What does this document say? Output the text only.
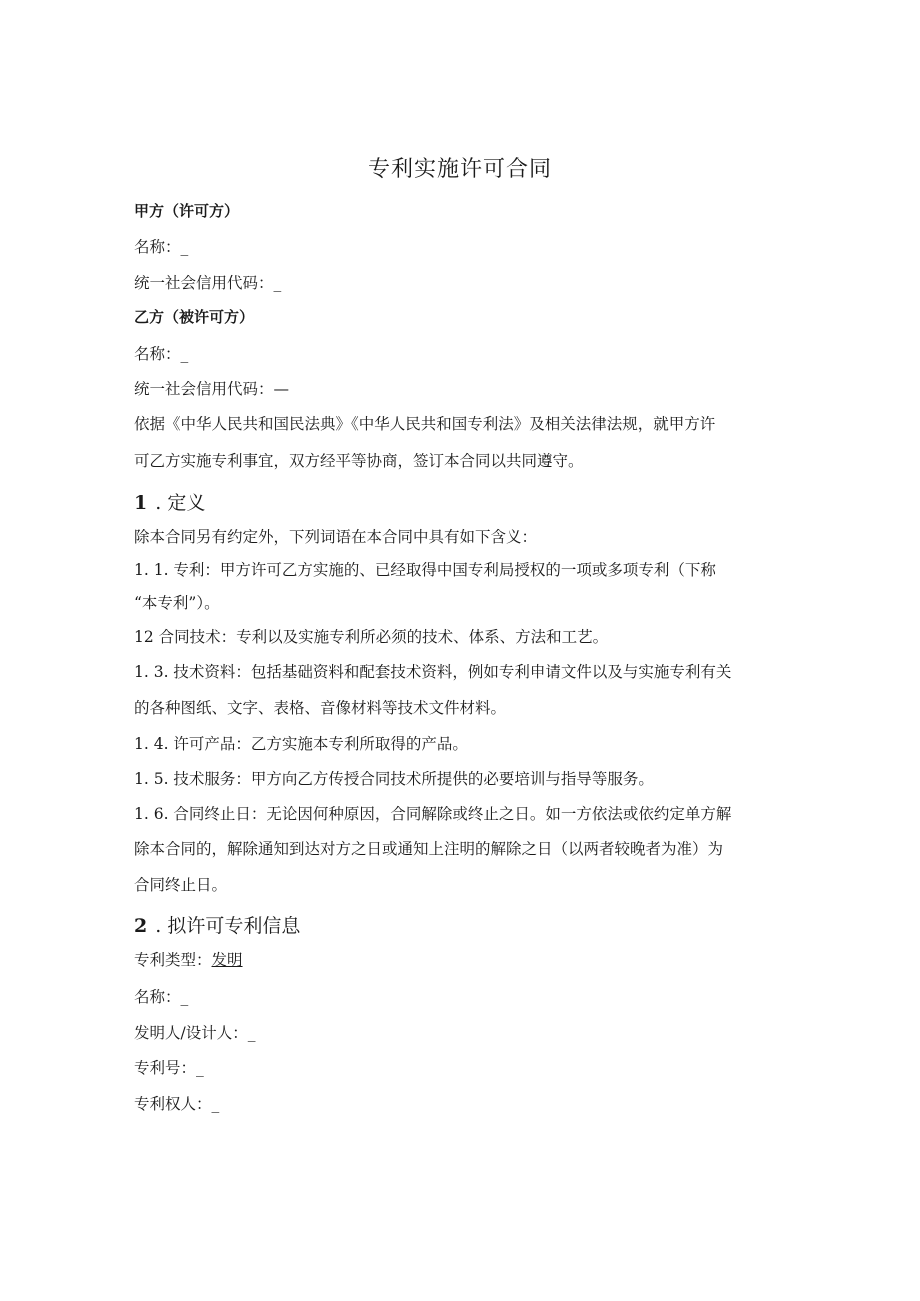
专利实施许可合同
甲方（许可方）
名称：_
统一社会信用代码：_
乙方（被许可方）
名称：_
统一社会信用代码：—
依据《中华人民共和国民法典》《中华人民共和国专利法》及相关法律法规，就甲方许
可乙方实施专利事宜，双方经平等协商，签订本合同以共同遵守。
1 . 定义
除本合同另有约定外，下列词语在本合同中具有如下含义：
1. 1. 专利：甲方许可乙方实施的、已经取得中国专利局授权的一项或多项专利（下称
“本专利”）。
12 合同技术：专利以及实施专利所必须的技术、体系、方法和工艺。
1. 3. 技术资料：包括基础资料和配套技术资料，例如专利申请文件以及与实施专利有关
的各种图纸、文字、表格、音像材料等技术文件材料。
1. 4. 许可产品：乙方实施本专利所取得的产品。
1. 5. 技术服务：甲方向乙方传授合同技术所提供的必要培训与指导等服务。
1. 6. 合同终止日：无论因何种原因，合同解除或终止之日。如一方依法或依约定单方解
除本合同的，解除通知到达对方之日或通知上注明的解除之日（以两者较晚者为准）为
合同终止日。
2 . 拟许可专利信息
专利类型：发明
名称：_
发明人/设计人：_
专利号：_
专利权人：_
